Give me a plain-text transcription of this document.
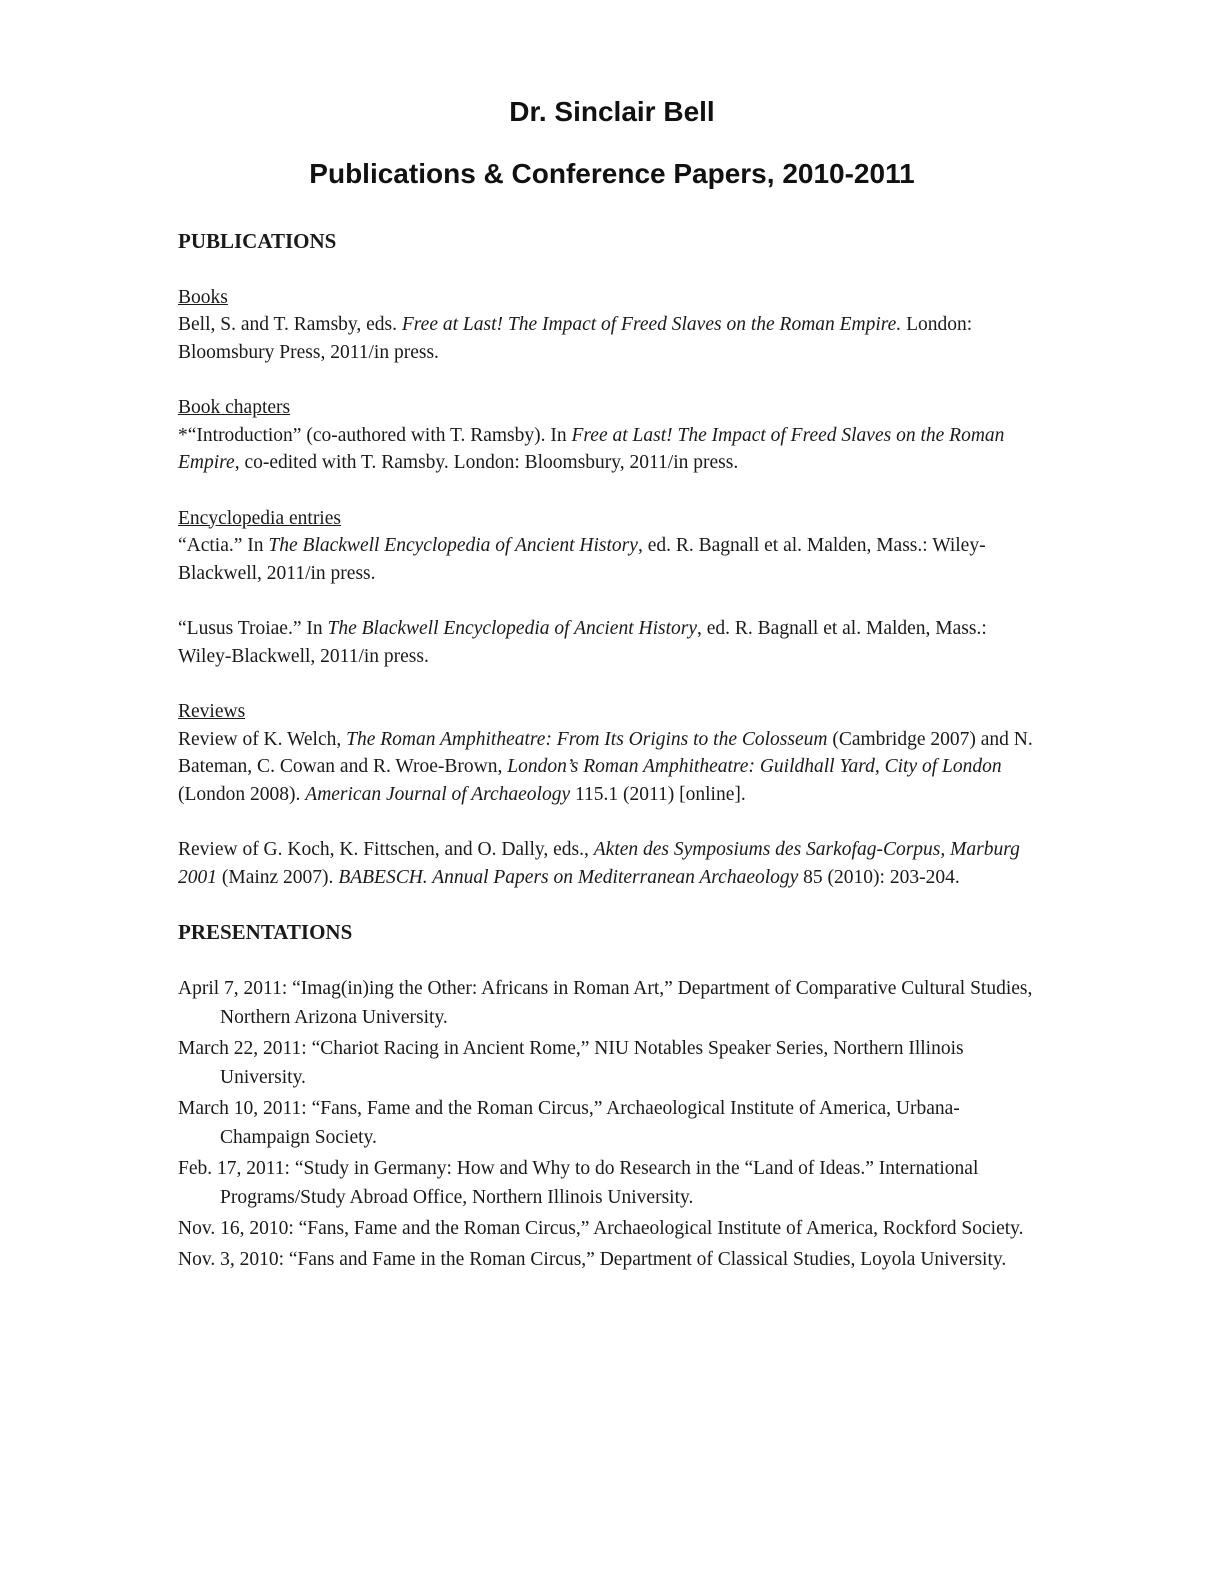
Dr. Sinclair Bell
Publications & Conference Papers, 2010-2011

PUBLICATIONS

Books

Bell, S. and T. Ramsby, eds. Free at Last! The Impact of Freed Slaves on the Roman Empire. London: Bloomsbury Press, 2011/in press.

Book chapters

*“Introduction” (co-authored with T. Ramsby). In Free at Last! The Impact of Freed Slaves on the Roman Empire, co-edited with T. Ramsby. London: Bloomsbury, 2011/in press.

Encyclopedia entries

“Actia.” In The Blackwell Encyclopedia of Ancient History, ed. R. Bagnall et al. Malden, Mass.: Wiley-Blackwell, 2011/in press.

“Lusus Troiae.” In The Blackwell Encyclopedia of Ancient History, ed. R. Bagnall et al. Malden, Mass.: Wiley-Blackwell, 2011/in press.

Reviews

Review of K. Welch, The Roman Amphitheatre: From Its Origins to the Colosseum (Cambridge 2007) and N. Bateman, C. Cowan and R. Wroe-Brown, London’s Roman Amphitheatre: Guildhall Yard, City of London (London 2008). American Journal of Archaeology 115.1 (2011) [online].

Review of G. Koch, K. Fittschen, and O. Dally, eds., Akten des Symposiums des Sarkofag-Corpus, Marburg 2001 (Mainz 2007). BABESCH. Annual Papers on Mediterranean Archaeology 85 (2010): 203-204.

PRESENTATIONS

April 7, 2011: “Imag(in)ing the Other: Africans in Roman Art,” Department of Comparative Cultural Studies, Northern Arizona University.

March 22, 2011: “Chariot Racing in Ancient Rome,” NIU Notables Speaker Series, Northern Illinois University.

March 10, 2011: “Fans, Fame and the Roman Circus,” Archaeological Institute of America, Urbana-Champaign Society.

Feb. 17, 2011: “Study in Germany: How and Why to do Research in the “Land of Ideas.” International Programs/Study Abroad Office, Northern Illinois University.

Nov. 16, 2010: “Fans, Fame and the Roman Circus,” Archaeological Institute of America, Rockford Society.

Nov. 3, 2010: “Fans and Fame in the Roman Circus,” Department of Classical Studies, Loyola University.
